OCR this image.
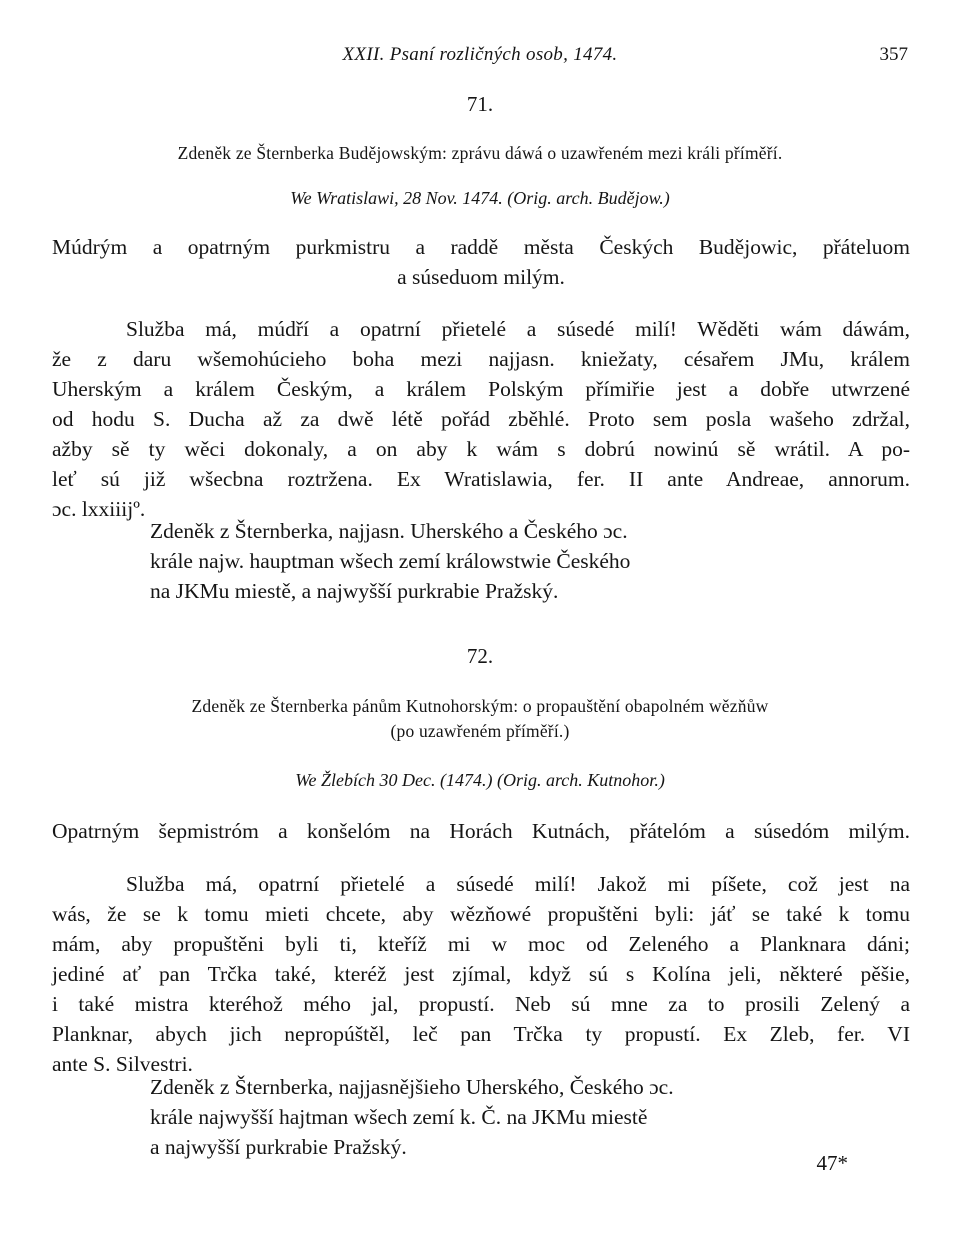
XXII. Psaní rozličných osob, 1474.	357
71.
Zdeněk ze Šternberka Budějowským: zprávu dáwá o uzawřeném mezi králi příměří.
We Wratislawi, 28 Nov. 1474. (Orig. arch. Budějow.)
Múdrým a opatrným purkmistru a raddě města Českých Budějowic, přáteluom
a súseduom milým.
Služba má, múdří a opatrní přietelé a súsedé milí! Wěděti wám dáwám,
že z daru wšemohúcieho boha mezi najjasn. kniežaty, césařem JMu, králem
Uherským a králem Českým, a králem Polským přímiřie jest a dobře utwrzené
od hodu S. Ducha až za dwě létě pořád zběhlé. Proto sem posla wašeho zdržal,
ažby sě ty wěci dokonaly, a on aby k wám s dobrú nowinú sě wrátil. A po-
leť sú již wšecbna roztržena. Ex Wratislawia, fer. II ante Andreae, annorum.
ɔc. lxxiiijº.
Zdeněk z Šternberka, najjasn. Uherského a Českého ɔc.
krále najw. hauptman wšech zemí králowstwie Českého
na JKMu miestě, a najwyšší purkrabie Pražský.
72.
Zdeněk ze Šternberka pánům Kutnohorským: o propauštění obapolném wězňůw
(po uzawřeném příměří.)
We Žlebích 30 Dec. (1474.) (Orig. arch. Kutnohor.)
Opatrným šepmistróm a konšelóm na Horách Kutnách, přátelóm a súsedóm milým.
Služba má, opatrní přietelé a súsedé milí! Jakož mi píšete, což jest na
wás, že se k tomu mieti chcete, aby wězňowé propuštěni byli: jáť se také k tomu
mám, aby propuštěni byli ti, kteříž mi w moc od Zeleného a Planknara dáni;
jediné ať pan Trčka také, kteréž jest zjímal, když sú s Kolína jeli, některé pěšie,
i také mistra kteréhož mého jal, propustí. Neb sú mne za to prosili Zelený a
Planknar, abych jich nepropúštěl, leč pan Trčka ty propustí. Ex Zleb, fer. VI
ante S. Silvestri.
Zdeněk z Šternberka, najjasnějšieho Uherského, Českého ɔc.
krále najwyšší hajtman wšech zemí k. Č. na JKMu miestě
a najwyšší purkrabie Pražský.
47*
